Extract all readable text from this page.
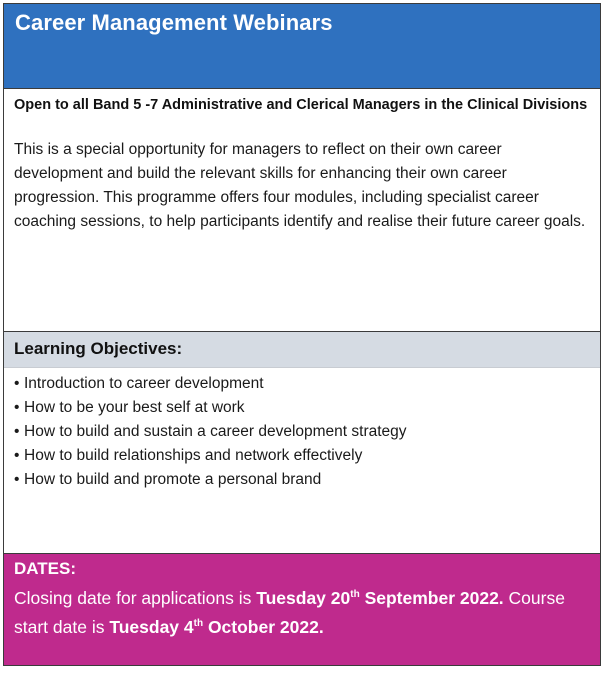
Career Management Webinars

Open to all Band 5 -7 Administrative and Clerical Managers in the Clinical Divisions

This is a special opportunity for managers to reflect on their own career development and build the relevant skills for enhancing their own career progression. This programme offers four modules, including specialist career coaching sessions, to help participants identify and realise their future career goals.

Learning Objectives:
• Introduction to career development
• How to be your best self at work
• How to build and sustain a career development strategy
• How to build relationships and network effectively
• How to build and promote a personal brand
DATES:
Closing date for applications is Tuesday 20th September 2022. Course start date is Tuesday 4th October 2022.
